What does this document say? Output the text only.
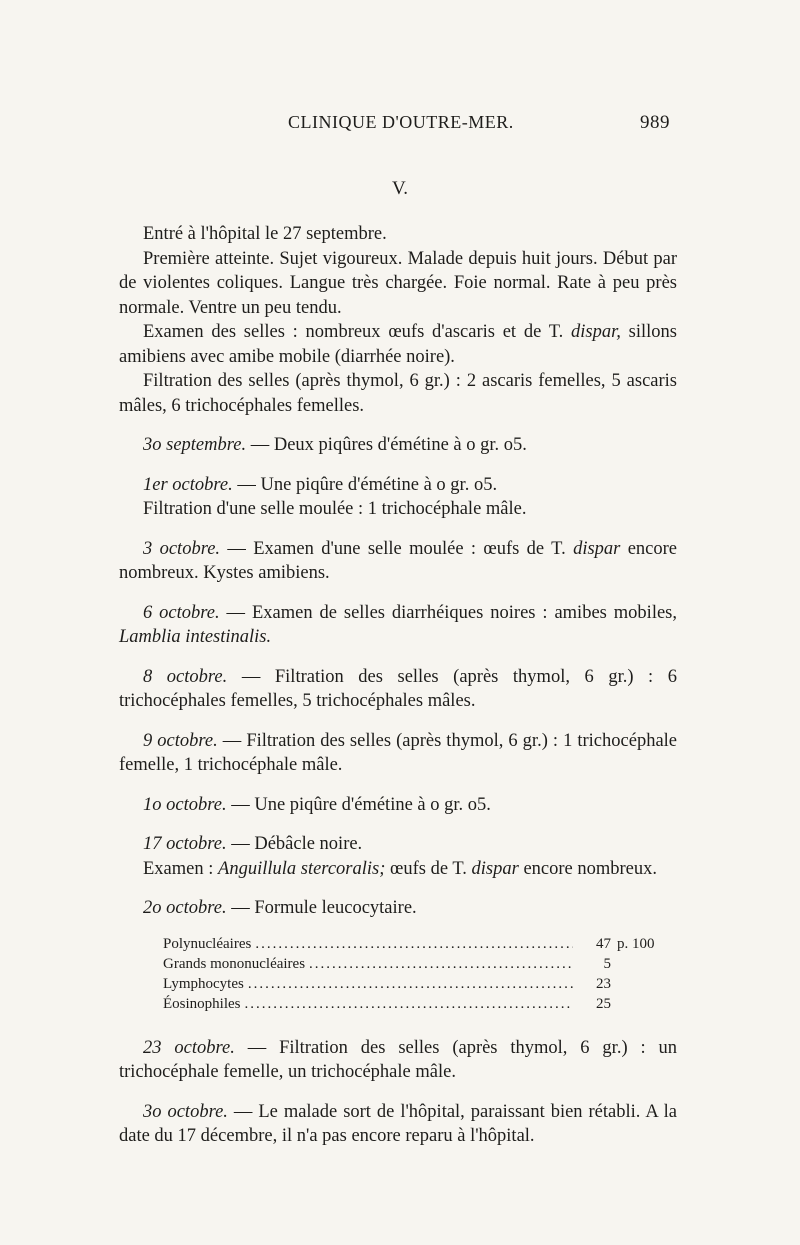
CLINIQUE D'OUTRE-MER.	989
V.

Entré à l'hôpital le 27 septembre.

Première atteinte. Sujet vigoureux. Malade depuis huit jours. Début par de violentes coliques. Langue très chargée. Foie normal. Rate à peu près normale. Ventre un peu tendu.

Examen des selles : nombreux œufs d'ascaris et de T. dispar, sillons amibiens avec amibe mobile (diarrhée noire).

Filtration des selles (après thymol, 6 gr.) : 2 ascaris femelles, 5 ascaris mâles, 6 trichocéphales femelles.

3o septembre. — Deux piqûres d'émétine à o gr. o5.

1er octobre. — Une piqûre d'émétine à o gr. o5.

Filtration d'une selle moulée : 1 trichocéphale mâle.

3 octobre. — Examen d'une selle moulée : œufs de T. dispar encore nombreux. Kystes amibiens.

6 octobre. — Examen de selles diarrhéiques noires : amibes mobiles, Lamblia intestinalis.

8 octobre. — Filtration des selles (après thymol, 6 gr.) : 6 trichocéphales femelles, 5 trichocéphales mâles.

9 octobre. — Filtration des selles (après thymol, 6 gr.) : 1 trichocéphale femelle, 1 trichocéphale mâle.

1o octobre. — Une piqûre d'émétine à o gr. o5.

17 octobre. — Débâcle noire.

Examen : Anguillula stercoralis; œufs de T. dispar encore nombreux.

2o octobre. — Formule leucocytaire.

Polynucléaires .....	47 p. 100
Grands mononucléaires .....	5
Lymphocytes .....	23
Éosinophiles .....	25

23 octobre. — Filtration des selles (après thymol, 6 gr.) : un trichocéphale femelle, un trichocéphale mâle.

3o octobre. — Le malade sort de l'hôpital, paraissant bien rétabli. A la date du 17 décembre, il n'a pas encore reparu à l'hôpital.
